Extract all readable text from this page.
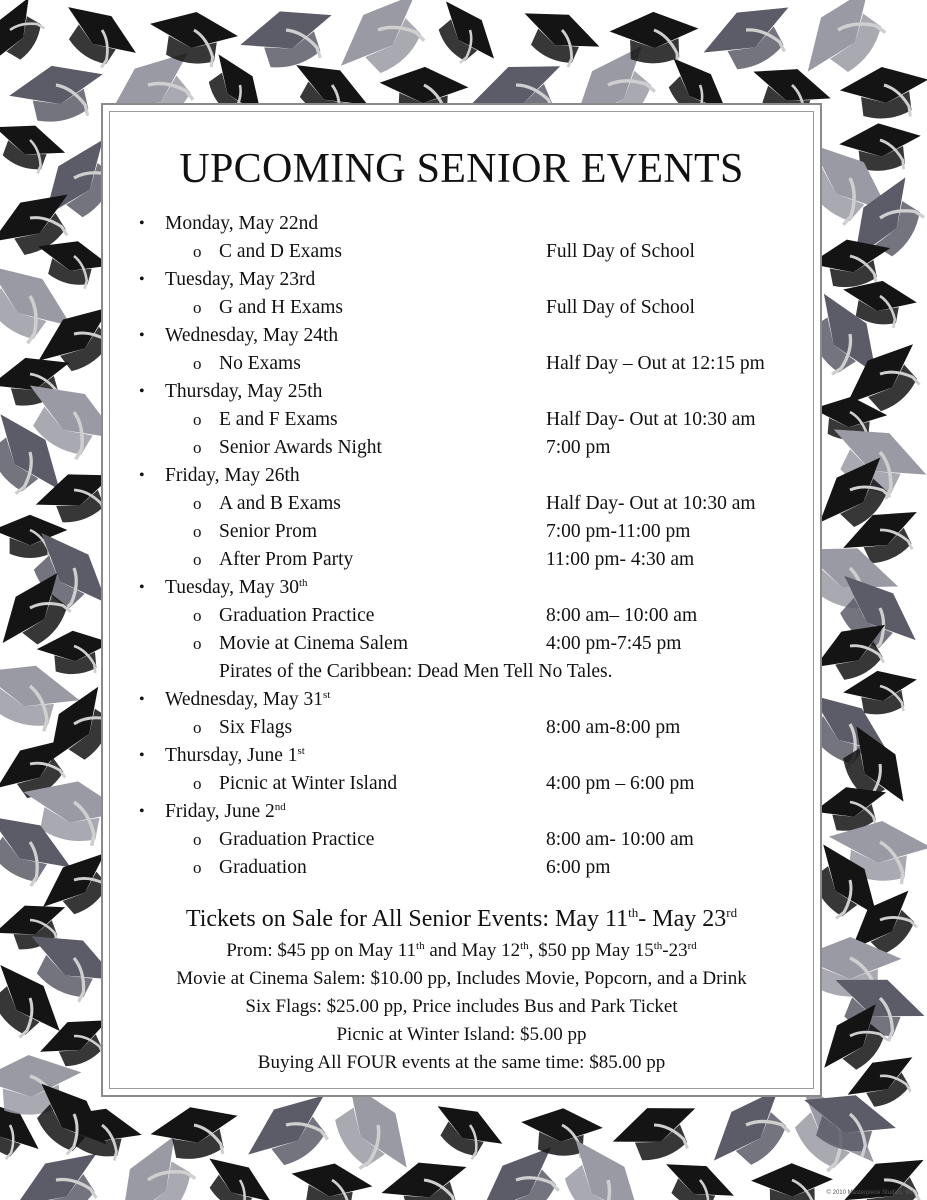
UPCOMING SENIOR EVENTS
• Monday, May 22nd
o C and D Exams	Full Day of School
• Tuesday, May 23rd
o G and H Exams	Full Day of School
• Wednesday, May 24th
o No Exams	Half Day – Out at 12:15 pm
• Thursday, May 25th
o E and F Exams	Half Day- Out at 10:30 am
o Senior Awards Night	7:00 pm
• Friday, May 26th
o A and B Exams	Half Day- Out at 10:30 am
o Senior Prom	7:00 pm-11:00 pm
o After Prom Party	11:00 pm- 4:30 am
• Tuesday, May 30th
o Graduation Practice	8:00 am– 10:00 am
o Movie at Cinema Salem	4:00 pm-7:45 pm
Pirates of the Caribbean: Dead Men Tell No Tales.
• Wednesday, May 31st
o Six Flags	8:00 am-8:00 pm
• Thursday, June 1st
o Picnic at Winter Island	4:00 pm – 6:00 pm
• Friday, June 2nd
o Graduation Practice	8:00 am- 10:00 am
o Graduation	6:00 pm
Tickets on Sale for All Senior Events: May 11th- May 23rd
Prom: $45 pp on May 11th and May 12th, $50 pp May 15th-23rd
Movie at Cinema Salem: $10.00 pp, Includes Movie, Popcorn, and a Drink
Six Flags: $25.00 pp, Price includes Bus and Park Ticket
Picnic at Winter Island: $5.00 pp
Buying All FOUR events at the same time: $85.00 pp
© 2010 Masterpiece Studios, Inc.
